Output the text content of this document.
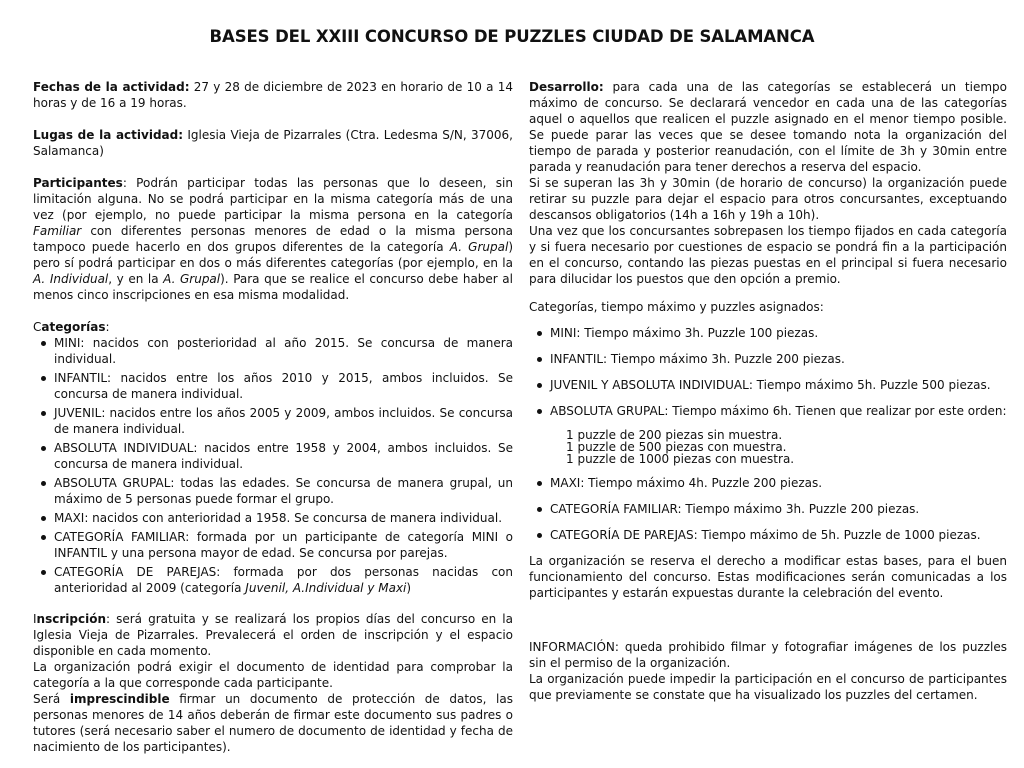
BASES DEL XXIII CONCURSO DE PUZZLES CIUDAD DE SALAMANCA

Fechas de la actividad: 27 y 28 de diciembre de 2023 en horario de 10 a 14 horas y de 16 a 19 horas.

Lugas de la actividad: Iglesia Vieja de Pizarrales (Ctra. Ledesma S/N, 37006, Salamanca)

Participantes: Podrán participar todas las personas que lo deseen, sin limitación alguna. No se podrá participar en la misma categoría más de una vez (por ejemplo, no puede participar la misma persona en la categoría Familiar con diferentes personas menores de edad o la misma persona tampoco puede hacerlo en dos grupos diferentes de la categoría A. Grupal) pero sí podrá participar en dos o más diferentes categorías (por ejemplo, en la A. Individual, y en la A. Grupal). Para que se realice el concurso debe haber al menos cinco inscripciones en esa misma modalidad.

Categorías:

MINI: nacidos con posterioridad al año 2015. Se concursa de manera individual.
INFANTIL: nacidos entre los años 2010 y 2015, ambos incluidos. Se concursa de manera individual.
JUVENIL: nacidos entre los años 2005 y 2009, ambos incluidos. Se concursa de manera individual.
ABSOLUTA INDIVIDUAL: nacidos entre 1958 y 2004, ambos incluidos. Se concursa de manera individual.
ABSOLUTA GRUPAL: todas las edades. Se concursa de manera grupal, un máximo de 5 personas puede formar el grupo.
MAXI: nacidos con anterioridad a 1958. Se concursa de manera individual.
CATEGORÍA FAMILIAR: formada por un participante de categoría MINI o INFANTIL y una persona mayor de edad. Se concursa por parejas.
CATEGORÍA DE PAREJAS: formada por dos personas nacidas con anterioridad al 2009 (categoría Juvenil, A.Individual y Maxi)

Inscripción: será gratuita y se realizará los propios días del concurso en la Iglesia Vieja de Pizarrales. Prevalecerá el orden de inscripción y el espacio disponible en cada momento.

La organización podrá exigir el documento de identidad para comprobar la categoría a la que corresponde cada participante.

Será imprescindible firmar un documento de protección de datos, las personas menores de 14 años deberán de firmar este documento sus padres o tutores (será necesario saber el numero de documento de identidad y fecha de nacimiento de los participantes).

Desarrollo: para cada una de las categorías se establecerá un tiempo máximo de concurso. Se declarará vencedor en cada una de las categorías aquel o aquellos que realicen el puzzle asignado en el menor tiempo posible. Se puede parar las veces que se desee tomando nota la organización del tiempo de parada y posterior reanudación, con el límite de 3h y 30min entre parada y reanudación para tener derechos a reserva del espacio.

Si se superan las 3h y 30min (de horario de concurso) la organización puede retirar su puzzle para dejar el espacio para otros concursantes, exceptuando descansos obligatorios (14h a 16h y 19h a 10h).

Una vez que los concursantes sobrepasen los tiempo fijados en cada categoría y si fuera necesario por cuestiones de espacio se pondrá fin a la participación en el concurso, contando las piezas puestas en el principal si fuera necesario para dilucidar los puestos que den opción a premio.

Categorías, tiempo máximo y puzzles asignados:

MINI: Tiempo máximo 3h. Puzzle 100 piezas.
INFANTIL: Tiempo máximo 3h. Puzzle 200 piezas.
JUVENIL Y ABSOLUTA INDIVIDUAL: Tiempo máximo 5h. Puzzle 500 piezas.
ABSOLUTA GRUPAL: Tiempo máximo 6h. Tienen que realizar por este orden:
1 puzzle de 200 piezas sin muestra.
1 puzzle de 500 piezas con muestra.
1 puzzle de 1000 piezas con muestra.
MAXI: Tiempo máximo 4h. Puzzle 200 piezas.
CATEGORÍA FAMILIAR: Tiempo máximo 3h. Puzzle 200 piezas.
CATEGORÍA DE PAREJAS: Tiempo máximo de 5h. Puzzle de 1000 piezas.

La organización se reserva el derecho a modificar estas bases, para el buen funcionamiento del concurso. Estas modificaciones serán comunicadas a los participantes y estarán expuestas durante la celebración del evento.

INFORMACIÓN: queda prohibido filmar y fotografiar imágenes de los puzzles sin el permiso de la organización.

La organización puede impedir la participación en el concurso de participantes que previamente se constate que ha visualizado los puzzles del certamen.
